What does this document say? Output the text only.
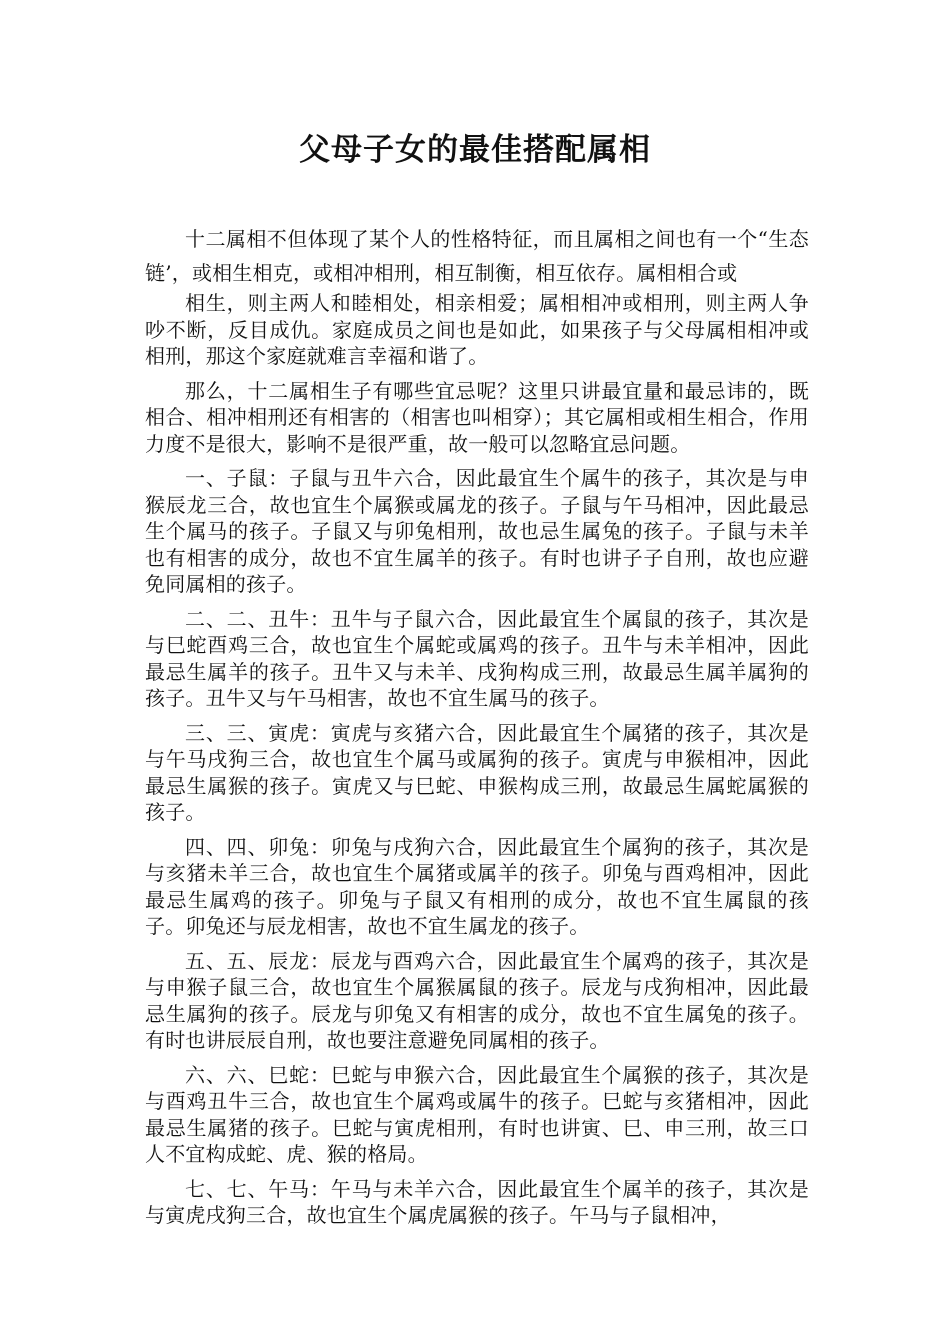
父母子女的最佳搭配属相

十二属相不但体现了某个人的性格特征，而且属相之间也有一个“生态链’，或相生相克，或相冲相刑，相互制衡，相互依存。属相相合或

相生，则主两人和睦相处，相亲相爱；属相相冲或相刑，则主两人争吵不断，反目成仇。家庭成员之间也是如此，如果孩子与父母属相相冲或相刑，那这个家庭就难言幸福和谐了。

那么，十二属相生子有哪些宜忌呢？这里只讲最宜量和最忌讳的，既相合、相冲相刑还有相害的（相害也叫相穿）；其它属相或相生相合，作用力度不是很大，影响不是很严重，故一般可以忽略宜忌问题。

一、子鼠：子鼠与丑牛六合，因此最宜生个属牛的孩子，其次是与申猴辰龙三合，故也宜生个属猴或属龙的孩子。子鼠与午马相冲，因此最忌生个属马的孩子。子鼠又与卯兔相刑，故也忌生属兔的孩子。子鼠与未羊也有相害的成分，故也不宜生属羊的孩子。有时也讲子子自刑，故也应避免同属相的孩子。

二、二、丑牛：丑牛与子鼠六合，因此最宜生个属鼠的孩子，其次是与巳蛇酉鸡三合，故也宜生个属蛇或属鸡的孩子。丑牛与未羊相冲，因此最忌生属羊的孩子。丑牛又与未羊、戌狗构成三刑，故最忌生属羊属狗的孩子。丑牛又与午马相害，故也不宜生属马的孩子。

三、三、寅虎：寅虎与亥猪六合，因此最宜生个属猪的孩子，其次是与午马戌狗三合，故也宜生个属马或属狗的孩子。寅虎与申猴相冲，因此最忌生属猴的孩子。寅虎又与巳蛇、申猴构成三刑，故最忌生属蛇属猴的孩子。

四、四、卯兔：卯兔与戌狗六合，因此最宜生个属狗的孩子，其次是与亥猪未羊三合，故也宜生个属猪或属羊的孩子。卯兔与酉鸡相冲，因此最忌生属鸡的孩子。卯兔与子鼠又有相刑的成分，故也不宜生属鼠的孩子。卯兔还与辰龙相害，故也不宜生属龙的孩子。

五、五、辰龙：辰龙与酉鸡六合，因此最宜生个属鸡的孩子，其次是与申猴子鼠三合，故也宜生个属猴属鼠的孩子。辰龙与戌狗相冲，因此最忌生属狗的孩子。辰龙与卯兔又有相害的成分，故也不宜生属兔的孩子。有时也讲辰辰自刑，故也要注意避免同属相的孩子。

六、六、巳蛇：巳蛇与申猴六合，因此最宜生个属猴的孩子，其次是与酉鸡丑牛三合，故也宜生个属鸡或属牛的孩子。巳蛇与亥猪相冲，因此最忌生属猪的孩子。巳蛇与寅虎相刑，有时也讲寅、巳、申三刑，故三口人不宜构成蛇、虎、猴的格局。

七、七、午马：午马与未羊六合，因此最宜生个属羊的孩子，其次是与寅虎戌狗三合，故也宜生个属虎属猴的孩子。午马与子鼠相冲，
